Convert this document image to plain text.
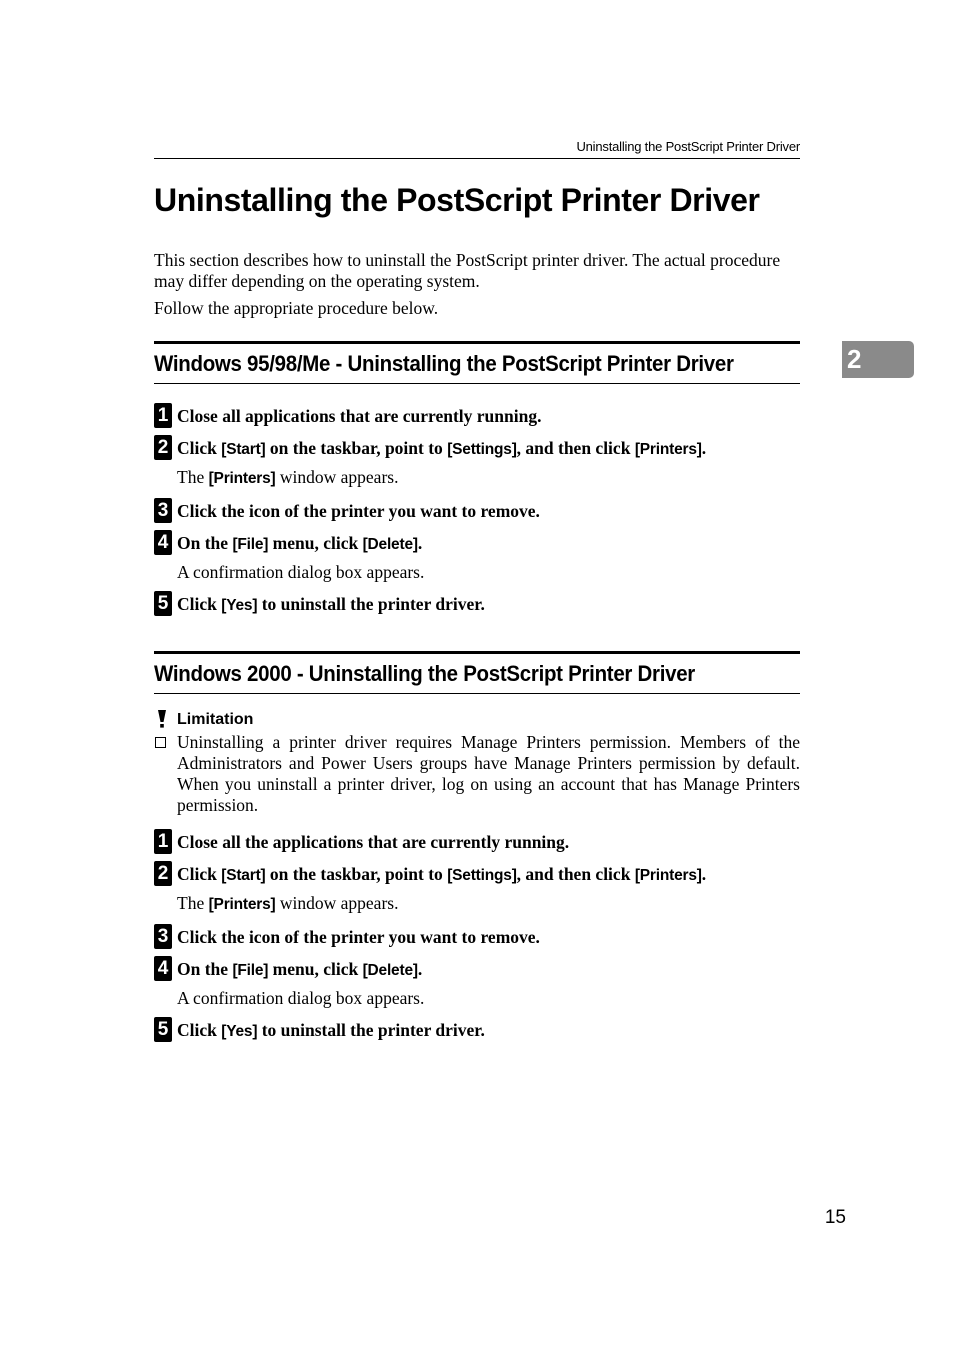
Uninstalling the PostScript Printer Driver
Uninstalling the PostScript Printer Driver

This section describes how to uninstall the PostScript printer driver. The actual procedure may differ depending on the operating system.

Follow the appropriate procedure below.

2
Windows 95/98/Me - Uninstalling the PostScript Printer Driver
1 Close all applications that are currently running.
2 Click [Start] on the taskbar, point to [Settings], and then click [Printers].
The [Printers] window appears.
3 Click the icon of the printer you want to remove.
4 On the [File] menu, click [Delete].
A confirmation dialog box appears.
5 Click [Yes] to uninstall the printer driver.
Windows 2000 - Uninstalling the PostScript Printer Driver
Limitation
Uninstalling a printer driver requires Manage Printers permission. Members of the Administrators and Power Users groups have Manage Printers permission by default. When you uninstall a printer driver, log on using an account that has Manage Printers permission.
1 Close all the applications that are currently running.
2 Click [Start] on the taskbar, point to [Settings], and then click [Printers].
The [Printers] window appears.
3 Click the icon of the printer you want to remove.
4 On the [File] menu, click [Delete].
A confirmation dialog box appears.
5 Click [Yes] to uninstall the printer driver.
15
